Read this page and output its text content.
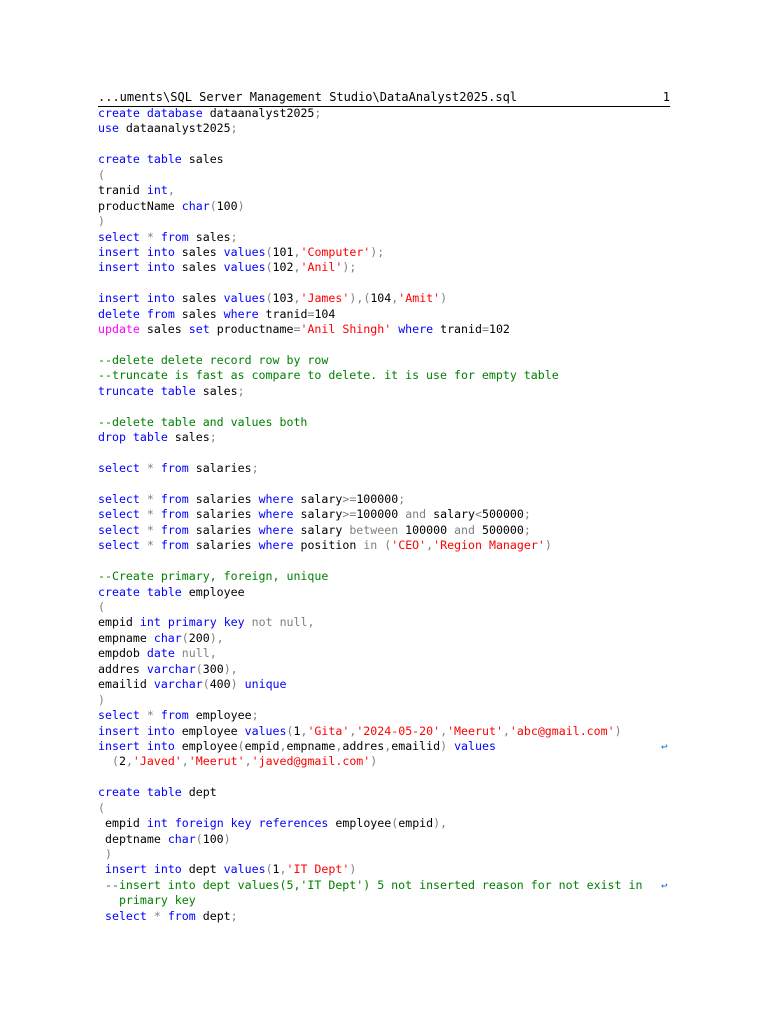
...uments\SQL Server Management Studio\DataAnalyst2025.sql	1
create database dataanalyst2025;
use dataanalyst2025;
create table sales
(
tranid int,
productName char(100)
)
select * from sales;
insert into sales values(101,'Computer');
insert into sales values(102,'Anil');
insert into sales values(103,'James'),(104,'Amit')
delete from sales where tranid=104
update sales set productname='Anil Shingh' where tranid=102
--delete delete record row by row
--truncate is fast as compare to delete. it is use for empty table
truncate table sales;
--delete table and values both
drop table sales;
select * from salaries;
select * from salaries where salary>=100000;
select * from salaries where salary>=100000 and salary<500000;
select * from salaries where salary between 100000 and 500000;
select * from salaries where position in ('CEO','Region Manager')
--Create primary, foreign, unique
create table employee
(
empid int primary key not null,
empname char(200),
empdob date null,
addres varchar(300),
emailid varchar(400) unique
)
select * from employee;
insert into employee values(1,'Gita','2024-05-20','Meerut','abc@gmail.com')
insert into employee(empid,empname,addres,emailid) values	↩
(2,'Javed','Meerut','javed@gmail.com')
create table dept
(
empid int foreign key references employee(empid),
deptname char(100)
)
insert into dept values(1,'IT Dept')
--insert into dept values(5,'IT Dept') 5 not inserted reason for not exist in ↩
primary key
select * from dept;
